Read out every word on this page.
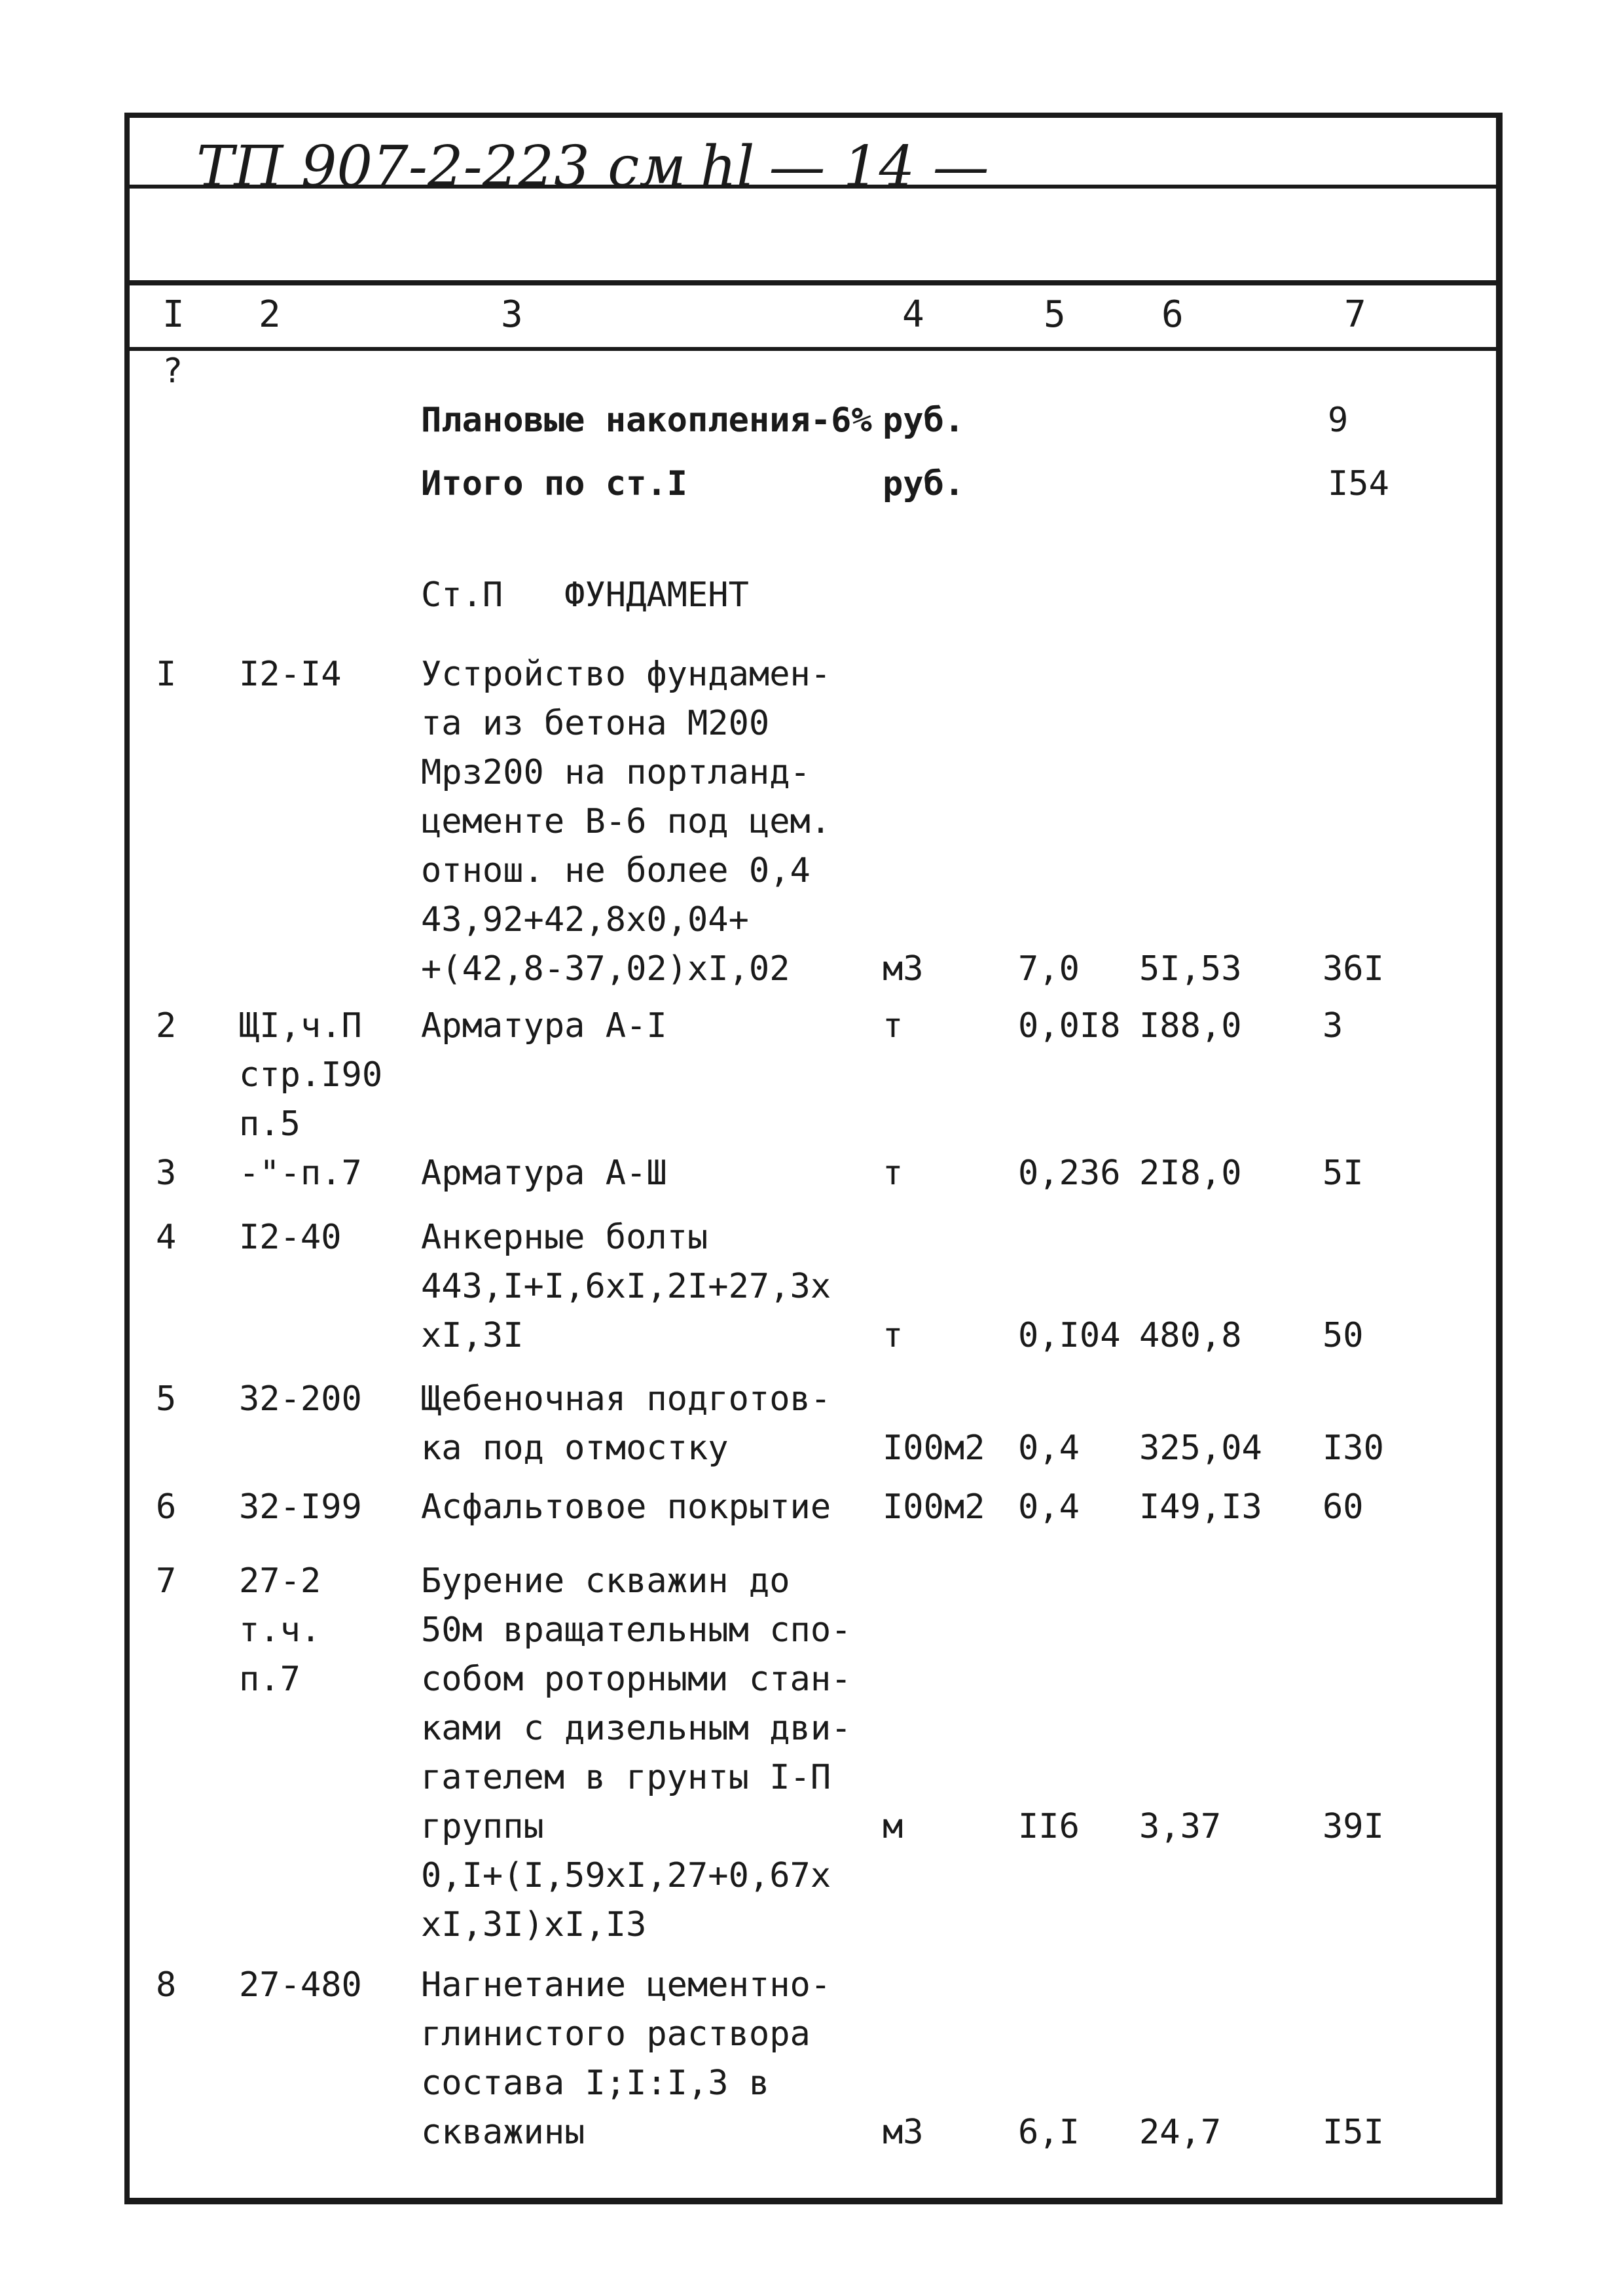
ТП 907-2-223 см hl — 14 —
I 2	3	4	5	6	7
?
Плановые накопления-6% руб.	9
Итого по ст.I	руб.	I54
Ст.П   ФУНДАМЕНТ
I I2-I4 Устройство фундамен-
та из бетона М200
Мрз200 на портланд-
цементе В-6 под цем.
отнош. не более 0,4
43,92+42,8x0,04+
+(42,8-37,02)xI,02	м3	7,0 5I,53 36I
2 ЩI,ч.П
стр.I90
п.5
Арматура А-I	т	0,0I8 I88,0 3
3 -"-п.7 Арматура А-Ш	т	0,236 2I8,0 5I
4 I2-40 Анкерные болты
443,I+I,6xI,2I+27,3x
xI,3I	т	0,I04 480,8 50
5 32-200 Щебеночная подготов-
ка под отмостку	I00м2 0,4 325,04 I30
6 32-I99 Асфальтовое покрытие I00м2 0,4 I49,I3 60
7 27-2
т.ч.
п.7
Бурение скважин до
50м вращательным спо-
собом роторными стан-
ками с дизельным дви-
гателем в грунты I-П
группы
0,I+(I,59xI,27+0,67x
xI,3I)xI,I3
м	II6 3,37	39I
8 27-480 Нагнетание цементно-
глинистого раствора
состава I;I:I,3 в
скважины	м3	6,I 24,7	I5I
